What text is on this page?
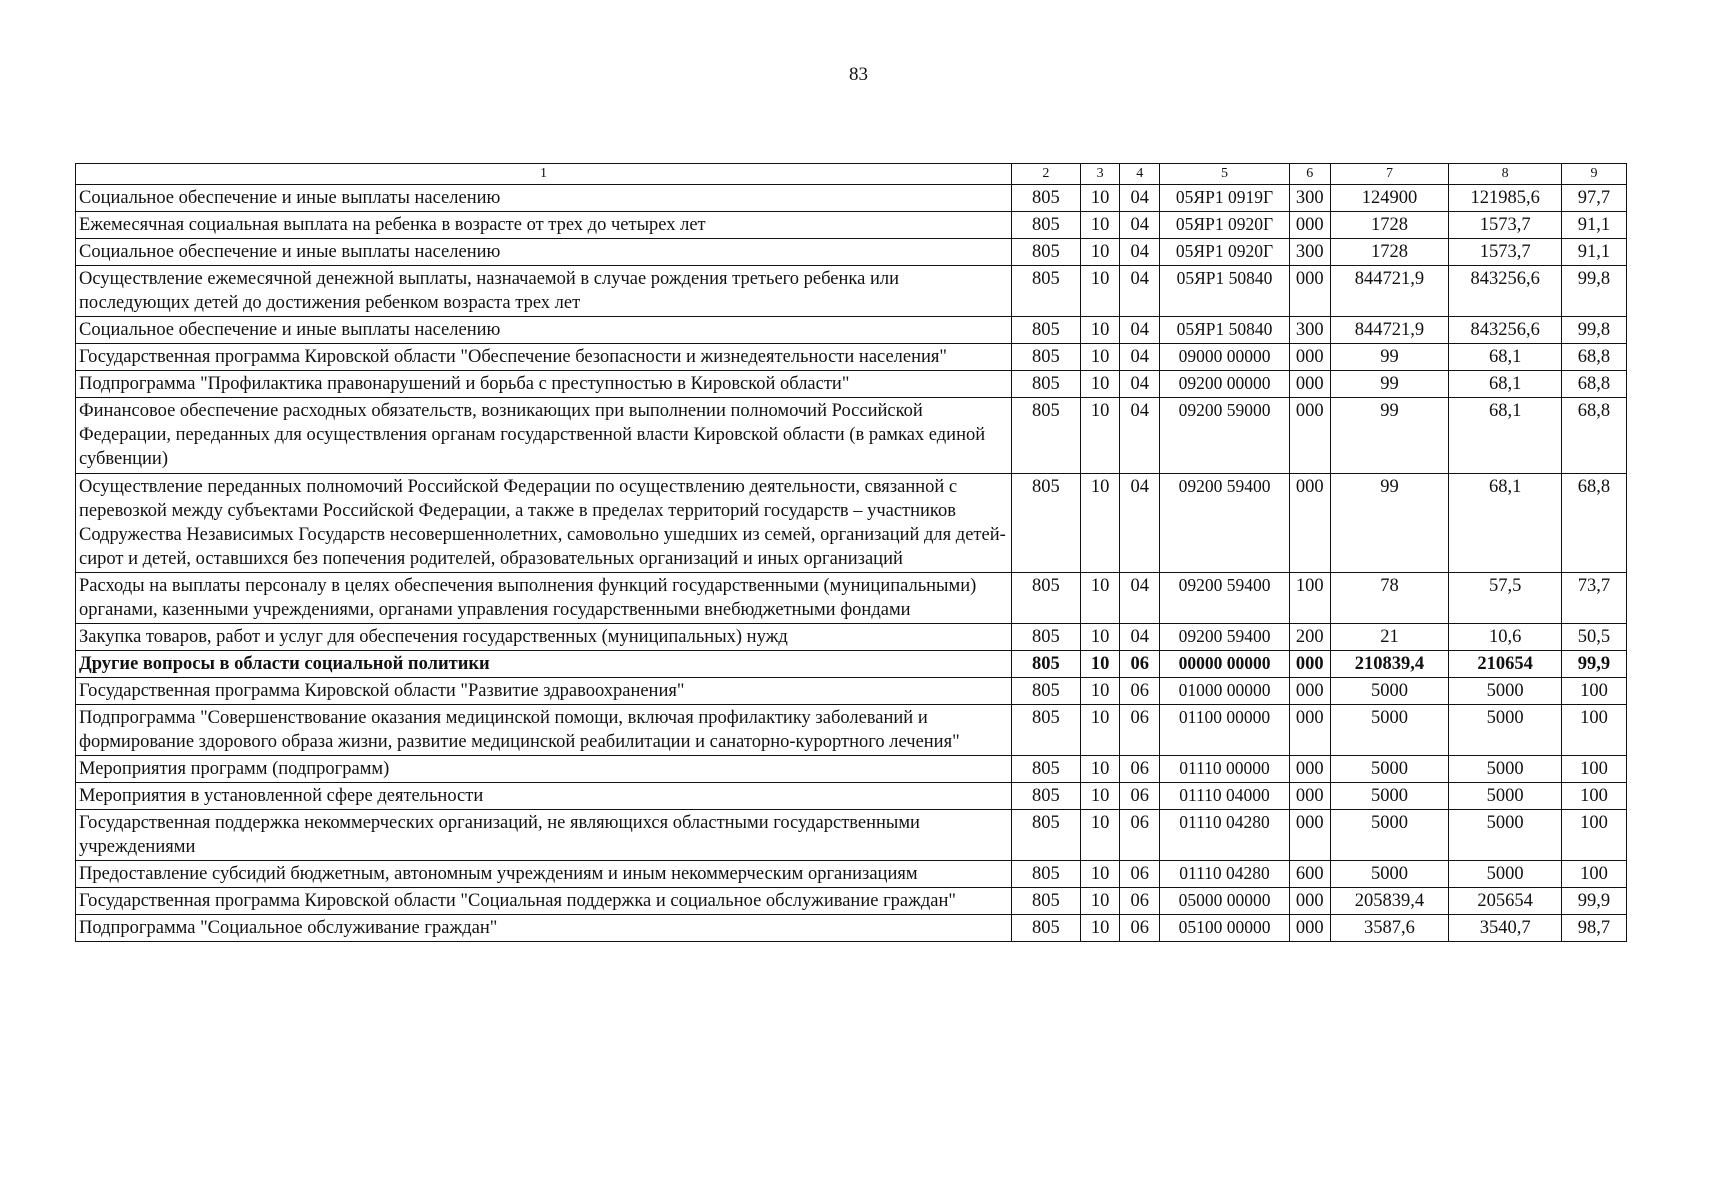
83
1	2	3	4	5	6	7	8	9
Социальное обеспечение и иные выплаты населению	805	10	04	05ЯР1 0919Г	300	124900	121985,6	97,7
Ежемесячная социальная выплата на ребенка в возрасте от трех до четырех лет	805	10	04	05ЯР1 0920Г	000	1728	1573,7	91,1
Социальное обеспечение и иные выплаты населению	805	10	04	05ЯР1 0920Г	300	1728	1573,7	91,1
Осуществление ежемесячной денежной выплаты, назначаемой в случае рождения третьего ребенка или последующих детей до достижения ребенком возраста трех лет	805	10	04	05ЯР1 50840	000	844721,9	843256,6	99,8
Социальное обеспечение и иные выплаты населению	805	10	04	05ЯР1 50840	300	844721,9	843256,6	99,8
Государственная программа Кировской области "Обеспечение безопасности и жизнедеятельности населения"	805	10	04	09000 00000	000	99	68,1	68,8
Подпрограмма "Профилактика правонарушений и борьба с преступностью в Кировской области"	805	10	04	09200 00000	000	99	68,1	68,8
Финансовое обеспечение расходных обязательств, возникающих при выполнении полномочий Российской Федерации, переданных для осуществления органам государственной власти Кировской области (в рамках единой субвенции)	805	10	04	09200 59000	000	99	68,1	68,8
Осуществление переданных полномочий Российской Федерации по осуществлению деятельности, связанной с перевозкой между субъектами Российской Федерации, а также в пределах территорий государств – участников Содружества Независимых Государств несовершеннолетних, самовольно ушедших из семей, организаций для детей-сирот и детей, оставшихся без попечения родителей, образовательных организаций и иных организаций	805	10	04	09200 59400	000	99	68,1	68,8
Расходы на выплаты персоналу в целях обеспечения выполнения функций государственными (муниципальными) органами, казенными учреждениями, органами управления государственными внебюджетными фондами	805	10	04	09200 59400	100	78	57,5	73,7
Закупка товаров, работ и услуг для обеспечения государственных (муниципальных) нужд	805	10	04	09200 59400	200	21	10,6	50,5
Другие вопросы в области социальной политики	805	10	06	00000 00000	000	210839,4	210654	99,9
Государственная программа Кировской области "Развитие здравоохранения"	805	10	06	01000 00000	000	5000	5000	100
Подпрограмма "Совершенствование оказания медицинской помощи, включая профилактику заболеваний и формирование здорового образа жизни, развитие медицинской реабилитации и санаторно-курортного лечения"	805	10	06	01100 00000	000	5000	5000	100
Мероприятия программ (подпрограмм)	805	10	06	01110 00000	000	5000	5000	100
Мероприятия в установленной сфере деятельности	805	10	06	01110 04000	000	5000	5000	100
Государственная поддержка некоммерческих организаций, не являющихся областными государственными учреждениями	805	10	06	01110 04280	000	5000	5000	100
Предоставление субсидий бюджетным, автономным учреждениям и иным некоммерческим организациям	805	10	06	01110 04280	600	5000	5000	100
Государственная программа Кировской области "Социальная поддержка и социальное обслуживание граждан"	805	10	06	05000 00000	000	205839,4	205654	99,9
Подпрограмма "Социальное обслуживание граждан"	805	10	06	05100 00000	000	3587,6	3540,7	98,7
